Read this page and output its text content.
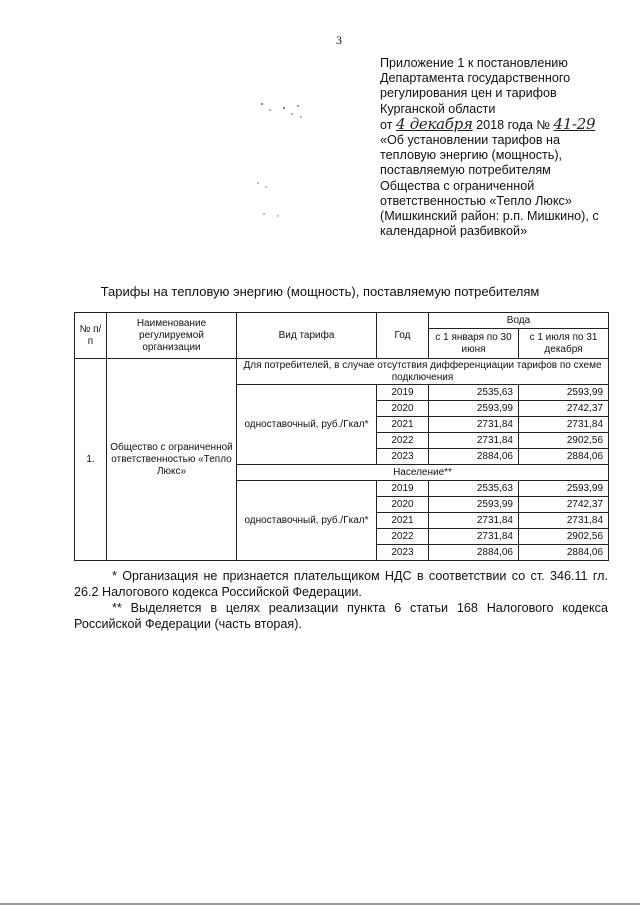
3
Приложение 1 к постановлению
Департамента государственного
регулирования цен и тарифов
Курганской области
от 4 декабря 2018 года № 41-29
«Об установлении тарифов на
тепловую энергию (мощность),
поставляемую потребителям
Общества с ограниченной
ответственностью «Тепло Люкс»
(Мишкинский район: р.п. Мишкино), с
календарной разбивкой»
Тарифы на тепловую энергию (мощность), поставляемую потребителям
№ п/п	Наименование регулируемой организации	Вид тарифа	Год	Вода	
				с 1 января по 30 июня	с 1 июля по 31 декабря
1.	Общество с ограниченной ответственностью «Тепло Люкс»	Для потребителей, в случае отсутствия дифференциации тарифов по схеме подключения			
		одноставочный, руб./Гкал*	2019	2535,63	2593,99
			2020	2593,99	2742,37
			2021	2731,84	2731,84
			2022	2731,84	2902,56
			2023	2884,06	2884,06
		Население**			
		одноставочный, руб./Гкал*	2019	2535,63	2593,99
			2020	2593,99	2742,37
			2021	2731,84	2731,84
			2022	2731,84	2902,56
			2023	2884,06	2884,06

* Организация не признается плательщиком НДС в соответствии со ст. 346.11 гл. 26.2 Налогового кодекса Российской Федерации.

** Выделяется в целях реализации пункта 6 статьи 168 Налогового кодекса Российской Федерации (часть вторая).
